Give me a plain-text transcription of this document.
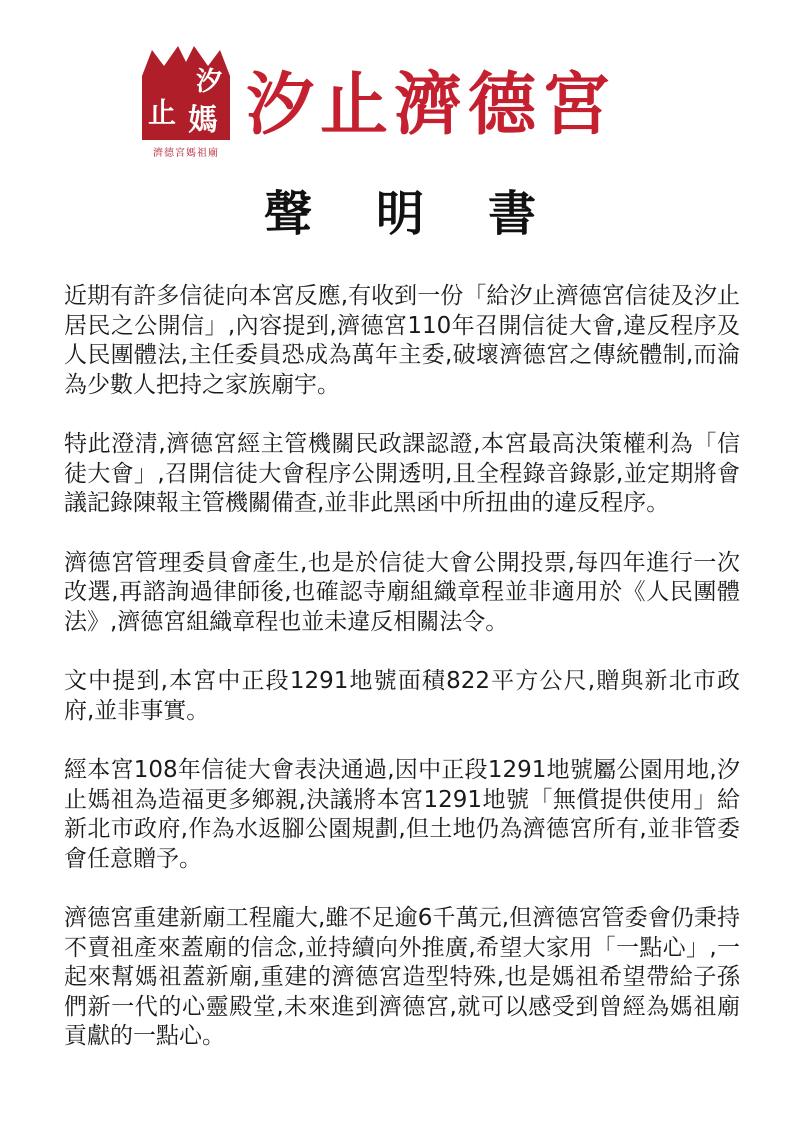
汐
止 媽
濟德宮媽祖廟
汐止濟德宮
聲明書

近期有許多信徒向本宮反應,有收到一份「給汐止濟德宮信徒及汐止居民之公開信」,內容提到,濟德宮110年召開信徒大會,違反程序及人民團體法,主任委員恐成為萬年主委,破壞濟德宮之傳統體制,而淪為少數人把持之家族廟宇。

特此澄清,濟德宮經主管機關民政課認證,本宮最高決策權利為「信徒大會」,召開信徒大會程序公開透明,且全程錄音錄影,並定期將會議記錄陳報主管機關備查,並非此黑函中所扭曲的違反程序。

濟德宮管理委員會產生,也是於信徒大會公開投票,每四年進行一次改選,再諮詢過律師後,也確認寺廟組織章程並非適用於《人民團體法》,濟德宮組織章程也並未違反相關法令。

文中提到,本宮中正段1291地號面積822平方公尺,贈與新北市政府,並非事實。

經本宮108年信徒大會表決通過,因中正段1291地號屬公園用地,汐止媽祖為造福更多鄉親,決議將本宮1291地號「無償提供使用」給新北市政府,作為水返腳公園規劃,但土地仍為濟德宮所有,並非管委會任意贈予。

濟德宮重建新廟工程龐大,雖不足逾6千萬元,但濟德宮管委會仍秉持不賣祖產來蓋廟的信念,並持續向外推廣,希望大家用「一點心」,一起來幫媽祖蓋新廟,重建的濟德宮造型特殊,也是媽祖希望帶給子孫們新一代的心靈殿堂,未來進到濟德宮,就可以感受到曾經為媽祖廟貢獻的一點心。
